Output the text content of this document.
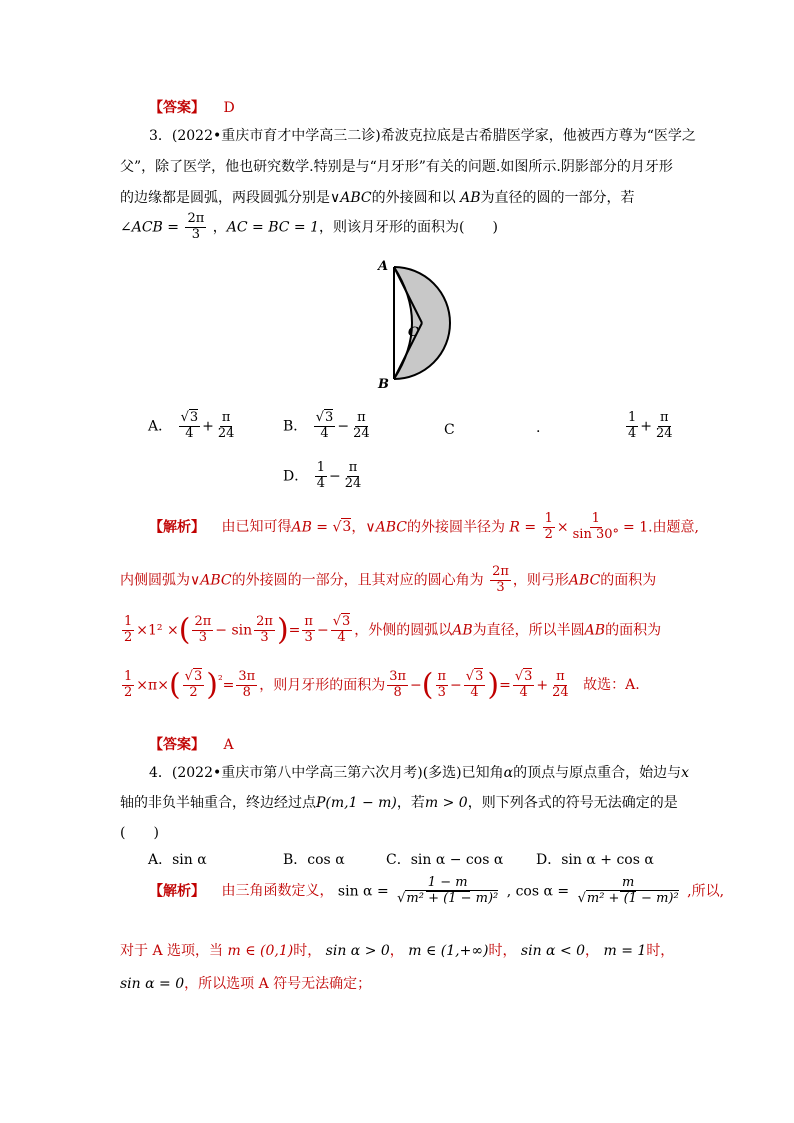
【答案】 D
3．(2022•重庆市育才中学高三二诊)希波克拉底是古希腊医学家，他被西方尊为“医学之
父”，除了医学，他也研究数学.特别是与“月牙形”有关的问题.如图所示.阴影部分的月牙形
的边缘都是圆弧，两段圆弧分别是∨ABC的外接圆和以 AB为直径的圆的一部分，若
∠ACB = $\frac{2\pi}{3}$ ，AC = BC = 1，则该月牙形的面积为(　　)
A
B
C
A． $\frac{√3}{4} + \frac{\pi}{24}$	B． $\frac{√3}{4} - \frac{\pi}{24}$	C	.	$\frac{1}{4} + \frac{\pi}{24}$
D． $\frac{1}{4} - \frac{\pi}{24}$
【解析】 由已知可得AB = √3，∨ABC的外接圆半径为 $R = \frac{1}{2} \times \frac{1}{\sin 30^\circ} = 1$.由题意,
内侧圆弧为∨ABC的外接圆的一部分，且其对应的圆心角为 $\frac{2\pi}{3}$ ，则弓形ABC的面积为
$\frac{1}{2} \times 1^2$ ×( $\frac{2\pi}{3} - \sin \frac{2\pi}{3}$ )= $\frac{\pi}{3} - \frac{√3}{4}$ ，外侧的圆弧以AB为直径，所以半圆AB的面积为
$\frac{1}{2} \times\pi\times( \frac{√3}{2} )^{^2}= \frac{3\pi}{8}$ ，则月牙形的面积为 $\frac{3\pi}{8}$ −( $\frac{\pi}{3} - \frac{√3}{4}$ )= $\frac{√3}{4} + \frac{\pi}{24}$ 故选：A.
【答案】 A
4．(2022•重庆市第八中学高三第六次月考)(多选)已知角α的顶点与原点重合，始边与x
轴的非负半轴重合，终边经过点P(m,1 − m)，若m > 0，则下列各式的符号无法确定的是
(　　)
A．sin α	B．cos α	C．sin α − cos α D．sin α + cos α
【解析】 由三角函数定义， $\sin \alpha = \frac{1 - m}{\text{√m² + (1 − m)²}}$ , $\cos \alpha = \frac{m}{\text{√m² + (1 − m)²}}$ ,所以,
对于 A 选项，当 m ∈ (0,1)时， sin α > 0， m ∈ (1,+∞)时， sin α < 0， m = 1时，
sin α = 0，所以选项 A 符号无法确定；
